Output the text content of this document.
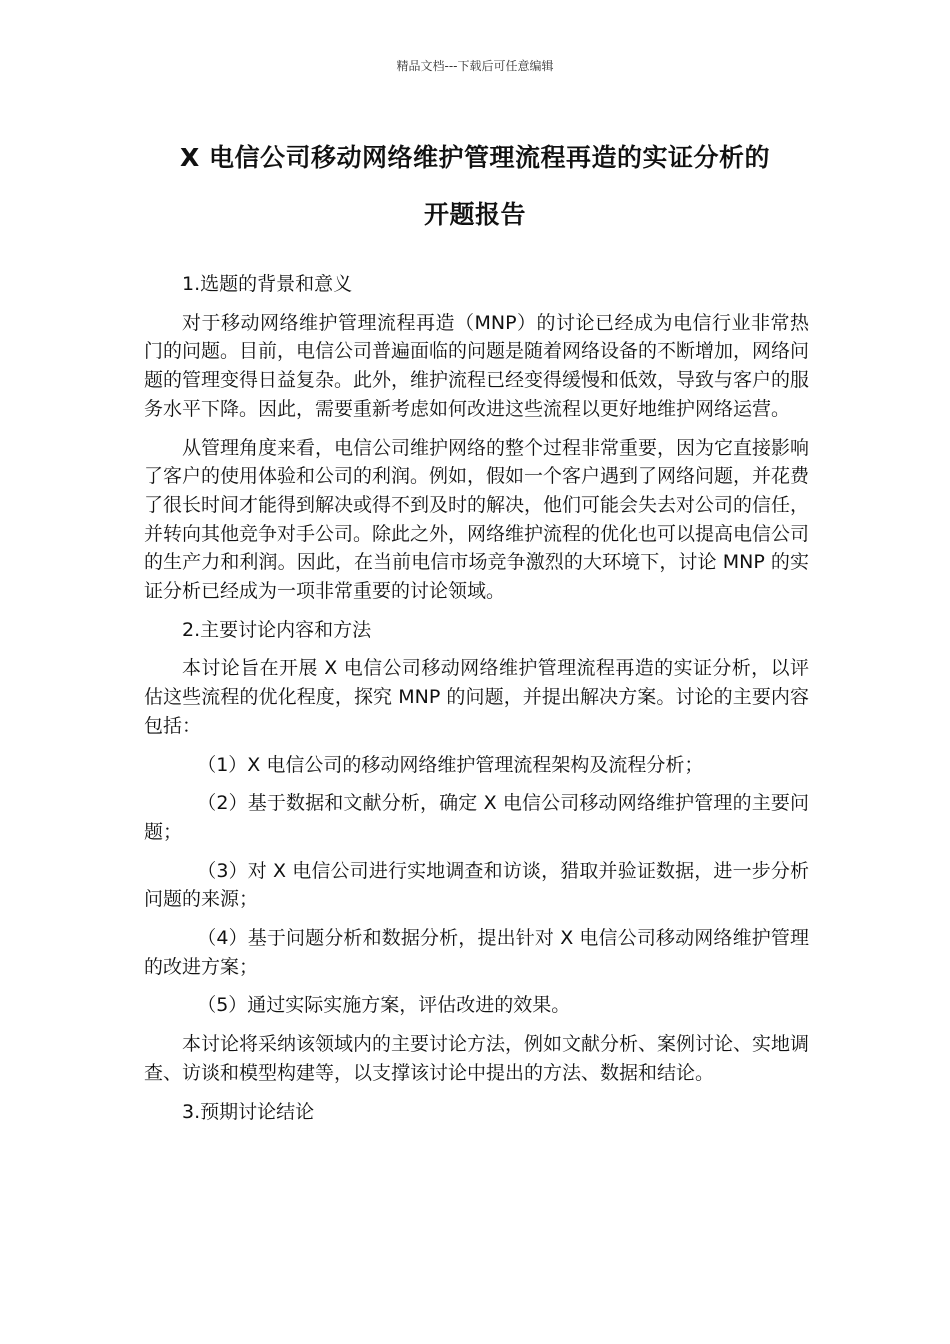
精品文档---下载后可任意编辑
X 电信公司移动网络维护管理流程再造的实证分析的
开题报告

1.选题的背景和意义

对于移动网络维护管理流程再造（MNP）的讨论已经成为电信行业非常热门的问题。目前，电信公司普遍面临的问题是随着网络设备的不断增加，网络问题的管理变得日益复杂。此外，维护流程已经变得缓慢和低效，导致与客户的服务水平下降。因此，需要重新考虑如何改进这些流程以更好地维护网络运营。

从管理角度来看，电信公司维护网络的整个过程非常重要，因为它直接影响了客户的使用体验和公司的利润。例如，假如一个客户遇到了网络问题，并花费了很长时间才能得到解决或得不到及时的解决，他们可能会失去对公司的信任，并转向其他竞争对手公司。除此之外，网络维护流程的优化也可以提高电信公司的生产力和利润。因此，在当前电信市场竞争激烈的大环境下，讨论 MNP 的实证分析已经成为一项非常重要的讨论领域。

2.主要讨论内容和方法

本讨论旨在开展 X 电信公司移动网络维护管理流程再造的实证分析，以评估这些流程的优化程度，探究 MNP 的问题，并提出解决方案。讨论的主要内容包括：

（1）X 电信公司的移动网络维护管理流程架构及流程分析；

（2）基于数据和文献分析，确定 X 电信公司移动网络维护管理的主要问题；

（3）对 X 电信公司进行实地调查和访谈，猎取并验证数据，进一步分析问题的来源；

（4）基于问题分析和数据分析，提出针对 X 电信公司移动网络维护管理的改进方案；

（5）通过实际实施方案，评估改进的效果。

本讨论将采纳该领域内的主要讨论方法，例如文献分析、案例讨论、实地调查、访谈和模型构建等，以支撑该讨论中提出的方法、数据和结论。

3.预期讨论结论
